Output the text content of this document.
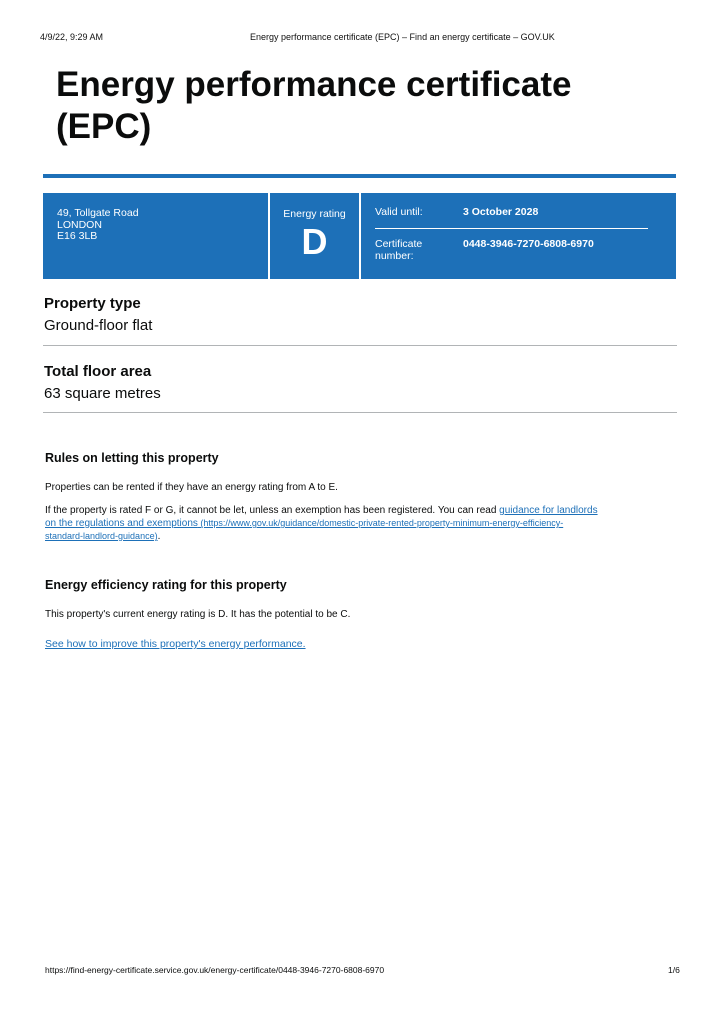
4/9/22, 9:29 AM	Energy performance certificate (EPC) – Find an energy certificate – GOV.UK
Energy performance certificate
(EPC)
49, Tollgate Road
LONDON
E16 3LB
Energy rating
D
Valid until:	3 October 2028
Certificate
number:
0448-3946-7270-6808-6970
Property type
Ground-floor flat
Total floor area
63 square metres
Rules on letting this property
Properties can be rented if they have an energy rating from A to E.
If the property is rated F or G, it cannot be let, unless an exemption has been registered. You can read guidance for landlords
on the regulations and exemptions (https://www.gov.uk/guidance/domestic-private-rented-property-minimum-energy-efficiency-
standard-landlord-guidance).
Energy efficiency rating for this property
This property's current energy rating is D. It has the potential to be C.
See how to improve this property's energy performance.
https://find-energy-certificate.service.gov.uk/energy-certificate/0448-3946-7270-6808-6970	1/6
